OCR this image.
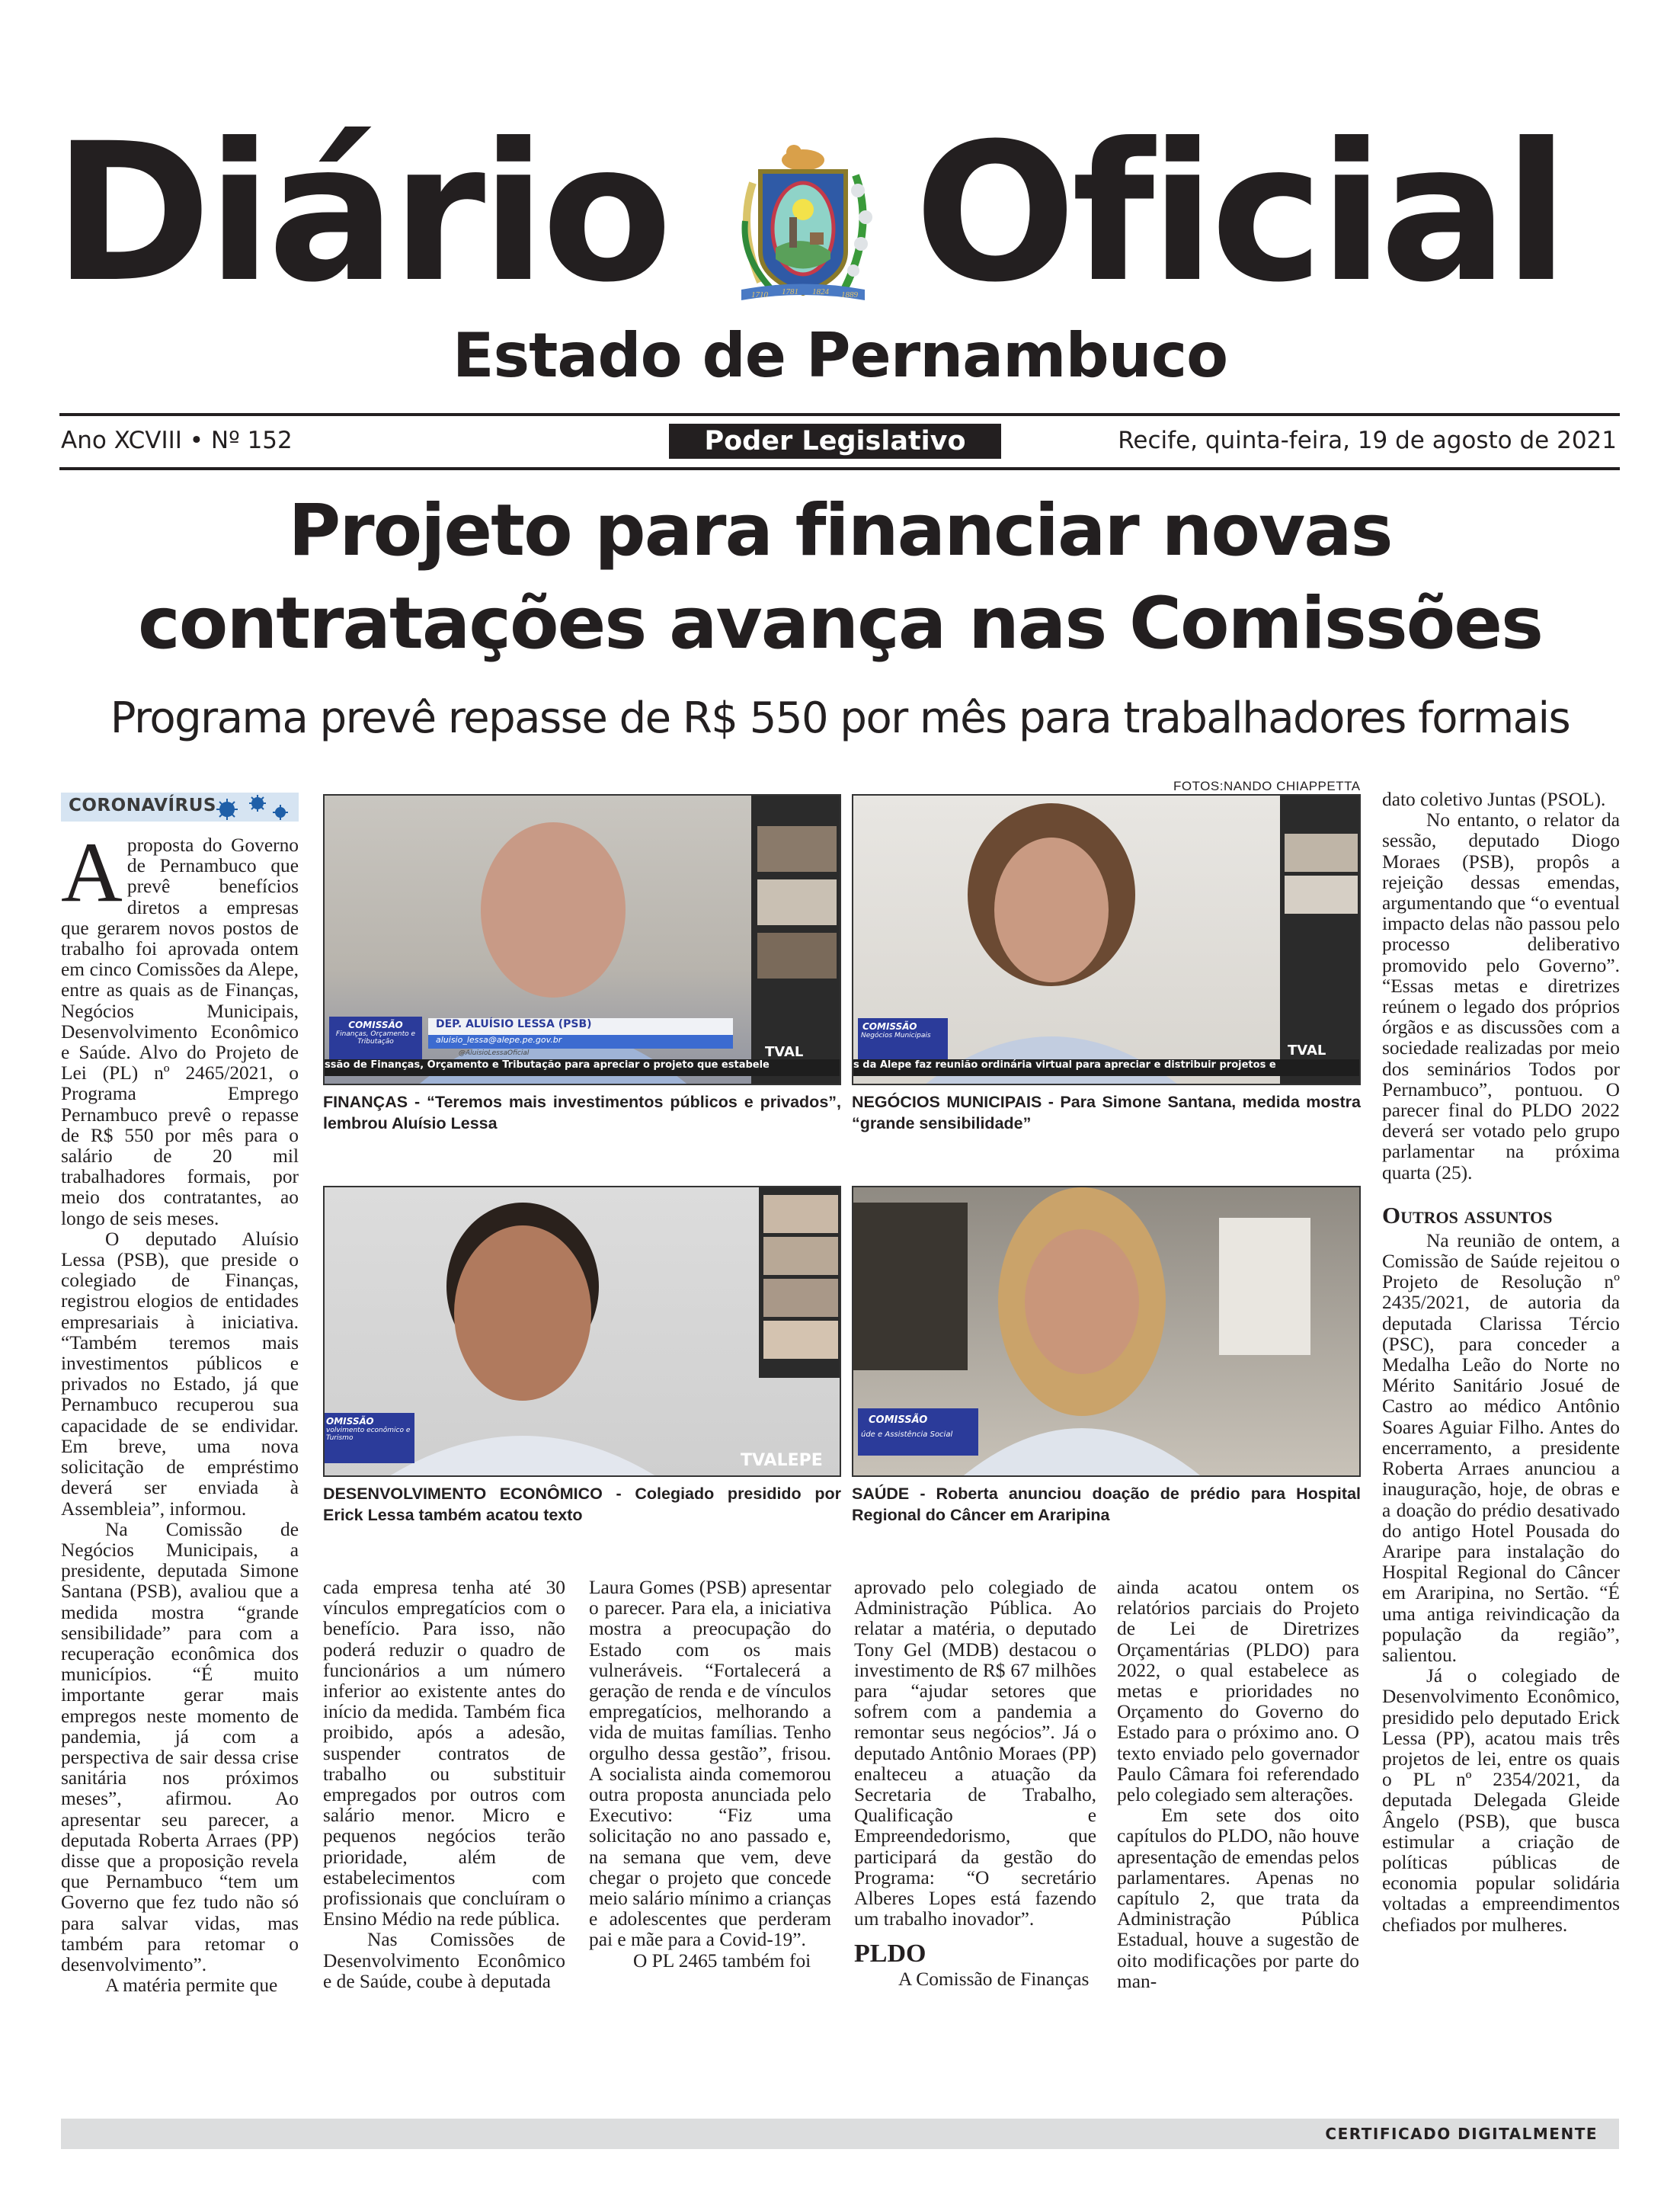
Diário	1710 1781 1824 1889 Oficial
Estado de Pernambuco
Ano XCVIII • Nº 152	Poder Legislativo	Recife, quinta-feira, 19 de agosto de 2021
Projeto para financiar novas
contratações avança nas Comissões
Programa prevê repasse de R$ 550 por mês para trabalhadores formais
CORONAVÍRUS
FOTOS:NANDO CHIAPPETTA
A proposta do Governo de Pernambuco que prevê benefícios diretos a empresas que gerarem novos postos de trabalho foi aprovada ontem em cinco Comissões da Alepe, entre as quais as de Finanças, Negócios Municipais, Desenvolvimento Econômico e Saúde. Alvo do Projeto de Lei (PL) nº 2465/2021, o Programa Emprego Pernambuco prevê o repasse de R$ 550 por mês para o salário de 20 mil trabalhadores formais, por meio dos contratantes, ao longo de seis meses.

O deputado Aluísio Lessa (PSB), que preside o colegiado de Finanças, registrou elogios de entidades empresariais à iniciativa. “Também teremos mais investimentos públicos e privados no Estado, já que Pernambuco recuperou sua capacidade de se endividar. Em breve, uma nova solicitação de empréstimo deverá ser enviada à Assembleia”, informou.

Na Comissão de Negócios Municipais, a presidente, deputada Simone Santana (PSB), avaliou que a medida mostra “grande sensibilidade” para com a recuperação econômica dos municípios. “É muito importante gerar mais empregos neste momento de pandemia, já com a perspectiva de sair dessa crise sanitária nos próximos meses”, afirmou. Ao apresentar seu parecer, a deputada Roberta Arraes (PP) disse que a proposição revela que Pernambuco “tem um Governo que fez tudo não só para salvar vidas, mas também para retomar o desenvolvimento”.

A matéria permite que

COMISSÃO
Finanças, Orçamento e Tributação
DEP. ALUÍSIO LESSA (PSB)
aluisio_lessa@alepe.pe.gov.br
@AluisioLessaOficial
ssão de Finanças, Orçamento e Tributação para apreciar o projeto que estabele
TVAL
FINANÇAS - “Teremos mais investimentos públicos e privados”, lembrou Aluísio Lessa
COMISSÃO
Negócios Municipais
s da Alepe faz reunião ordinária virtual para apreciar e distribuir projetos e
TVAL
NEGÓCIOS MUNICIPAIS - Para Simone Santana, medida mostra “grande sensibilidade”
OMISSÃO
volvimento econômico e Turismo
TVALEPE
DESENVOLVIMENTO ECONÔMICO - Colegiado presidido por Erick Lessa também acatou texto
COMISSÃO
úde e Assistência Social
SAÚDE - Roberta anunciou doação de prédio para Hospital Regional do Câncer em Araripina

cada empresa tenha até 30 vínculos empregatícios com o benefício. Para isso, não poderá reduzir o quadro de funcionários a um número inferior ao existente antes do início da medida. Também fica proibido, após a adesão, suspender contratos de trabalho ou substituir empregados por outros com salário menor. Micro e pequenos negócios terão prioridade, além de estabelecimentos com profissionais que concluíram o Ensino Médio na rede pública.

Nas Comissões de Desenvolvimento Econômico e de Saúde, coube à deputada

Laura Gomes (PSB) apresentar o parecer. Para ela, a iniciativa mostra a preocupação do Estado com os mais vulneráveis. “Fortalecerá a geração de renda e de vínculos empregatícios, melhorando a vida de muitas famílias. Tenho orgulho dessa gestão”, frisou. A socialista ainda comemorou outra proposta anunciada pelo Executivo: “Fiz uma solicitação no ano passado e, na semana que vem, deve chegar o projeto que concede meio salário mínimo a crianças e adolescentes que perderam pai e mãe para a Covid-19”.

O PL 2465 também foi

aprovado pelo colegiado de Administração Pública. Ao relatar a matéria, o deputado Tony Gel (MDB) destacou o investimento de R$ 67 milhões para “ajudar setores que sofrem com a pandemia a remontar seus negócios”. Já o deputado Antônio Moraes (PP) enalteceu a atuação da Secretaria de Trabalho, Qualificação e Empreendedorismo, que participará da gestão do Programa: “O secretário Alberes Lopes está fazendo um trabalho inovador”.

PLDO

A Comissão de Finanças

ainda acatou ontem os relatórios parciais do Projeto de Lei de Diretrizes Orçamentárias (PLDO) para 2022, o qual estabelece as metas e prioridades no Orçamento do Governo do Estado para o próximo ano. O texto enviado pelo governador Paulo Câmara foi referendado pelo colegiado sem alterações.

Em sete dos oito capítulos do PLDO, não houve apresentação de emendas pelos parlamentares. Apenas no capítulo 2, que trata da Administração Pública Estadual, houve a sugestão de oito modificações por parte do man-

dato coletivo Juntas (PSOL).

No entanto, o relator da sessão, deputado Diogo Moraes (PSB), propôs a rejeição dessas emendas, argumentando que “o eventual impacto delas não passou pelo processo deliberativo promovido pelo Governo”. “Essas metas e diretrizes reúnem o legado dos próprios órgãos e as discussões com a sociedade realizadas por meio dos seminários Todos por Pernambuco”, pontuou. O parecer final do PLDO 2022 deverá ser votado pelo grupo parlamentar na próxima quarta (25).

Outros assuntos

Na reunião de ontem, a Comissão de Saúde rejeitou o Projeto de Resolução nº 2435/2021, de autoria da deputada Clarissa Tércio (PSC), para conceder a Medalha Leão do Norte no Mérito Sanitário Josué de Castro ao médico Antônio Soares Aguiar Filho. Antes do encerramento, a presidente Roberta Arraes anunciou a inauguração, hoje, de obras e a doação do prédio desativado do antigo Hotel Pousada do Araripe para instalação do Hospital Regional do Câncer em Araripina, no Sertão. “É uma antiga reivindicação da população da região”, salientou.

Já o colegiado de Desenvolvimento Econômico, presidido pelo deputado Erick Lessa (PP), acatou mais três projetos de lei, entre os quais o PL nº 2354/2021, da deputada Delegada Gleide Ângelo (PSB), que busca estimular a criação de políticas públicas de economia popular solidária voltadas a empreendimentos chefiados por mulheres.

CERTIFICADO DIGITALMENTE
